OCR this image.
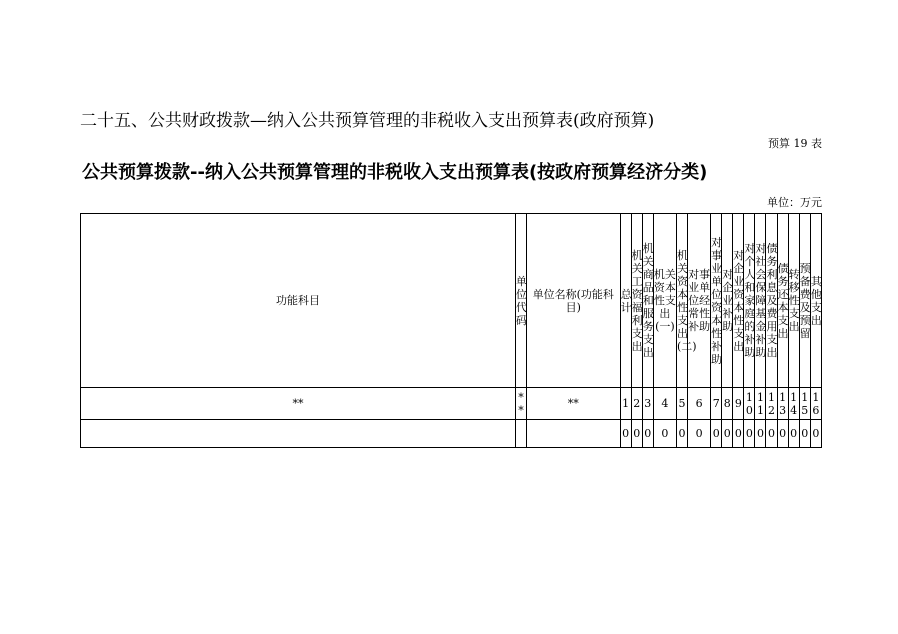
二十五、公共财政拨款—纳入公共预算管理的非税收入支出预算表(政府预算)
预算 19 表
公共预算拨款--纳入公共预算管理的非税收入支出预算表(按政府预算经济分类)
单位：万元
功能科目	单位代码	单位名称(功能科目)	总计	机关工资福利支出	机关商品和服务支出	机关资本性支出(一)	机关资本性支出(二)	对事业单位经常性补助	对事业单位资本性补助	对企业补助	对企业资本性支出	对个人和家庭的补助	对社会保障基金补助	债务利息及费用支出	债务还本支出	转移性支出	预备费及预留	其他支出
**	**	**	1	2	3	4	5	6	7	8	9	10	11	12	13	14	15	16
			0	0	0	0	0	0	0	0	0	0	0	0	0	0	0	0
